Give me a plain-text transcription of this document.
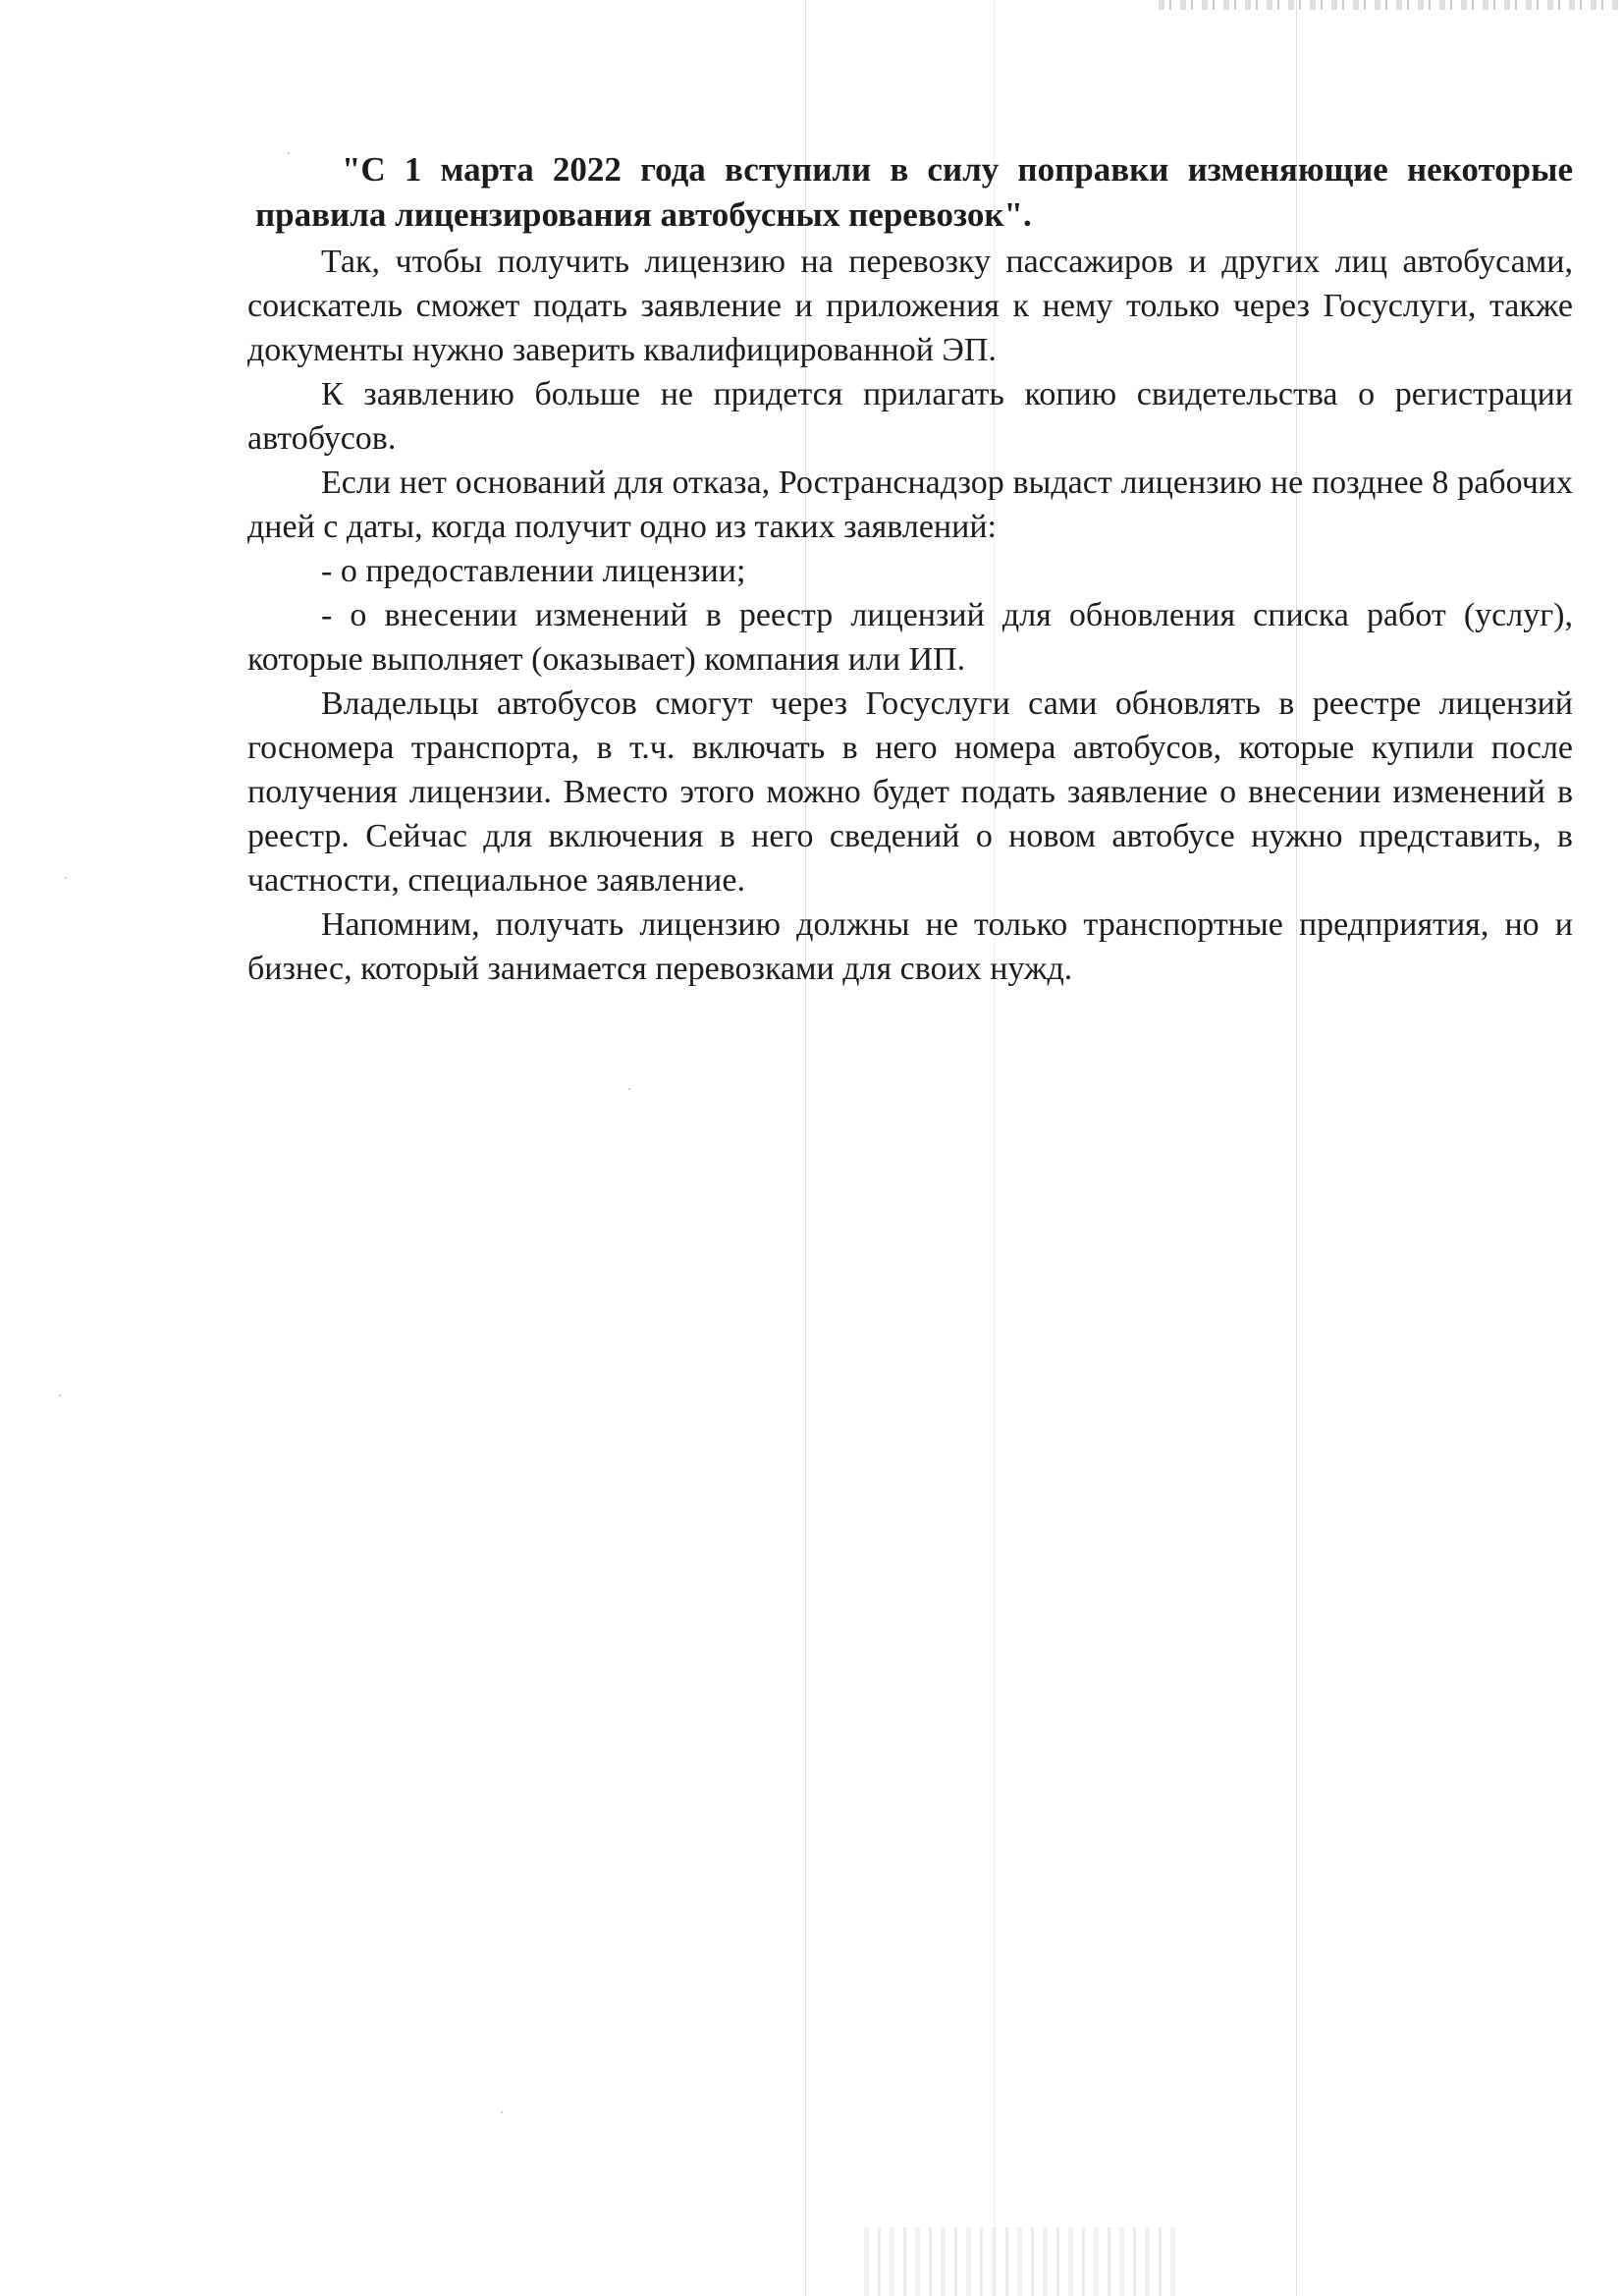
"С 1 марта 2022 года вступили в силу поправки изменяющие некоторые правила лицензирования автобусных перевозок".

Так, чтобы получить лицензию на перевозку пассажиров и других лиц автобусами, соискатель сможет подать заявление и приложения к нему только через Госуслуги, также документы нужно заверить квалифицированной ЭП.

К заявлению больше не придется прилагать копию свидетельства о регистрации автобусов.

Если нет оснований для отказа, Ространснадзор выдаст лицензию не позднее 8 рабочих дней с даты, когда получит одно из таких заявлений:

- о предоставлении лицензии;

- о внесении изменений в реестр лицензий для обновления списка работ (услуг), которые выполняет (оказывает) компания или ИП.

Владельцы автобусов смогут через Госуслуги сами обновлять в реестре лицензий госномера транспорта, в т.ч. включать в него номера автобусов, которые купили после получения лицензии. Вместо этого можно будет подать заявление о внесении изменений в реестр. Сейчас для включения в него сведений о новом автобусе нужно представить, в частности, специальное заявление.

Напомним, получать лицензию должны не только транспортные предприятия, но и бизнес, который занимается перевозками для своих нужд.
